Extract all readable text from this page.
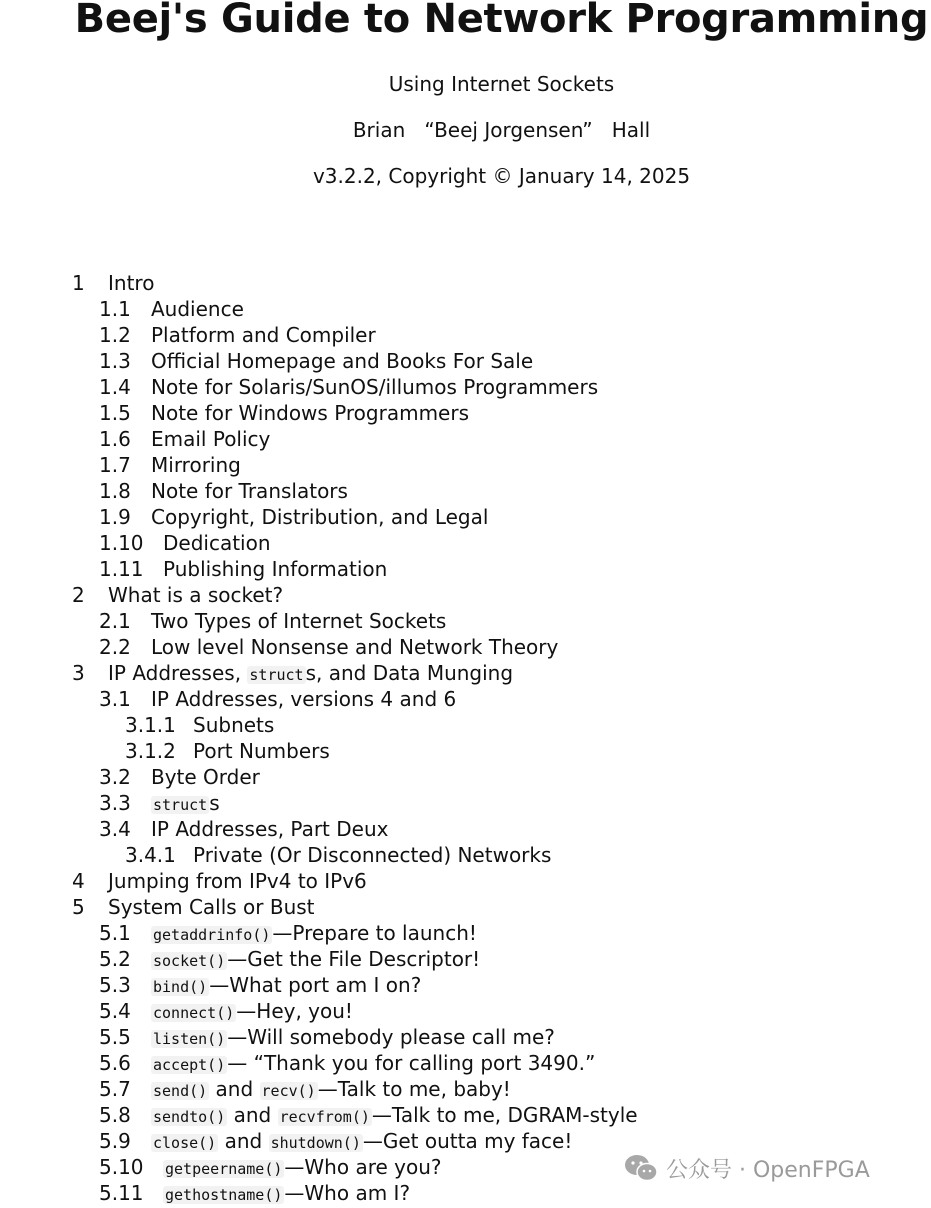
Beej's Guide to Network Programming
Using Internet Sockets
Brian   “Beej Jorgensen”   Hall
v3.2.2, Copyright © January 14, 2025
1 Intro
1.1 Audience
1.2 Platform and Compiler
1.3 Official Homepage and Books For Sale
1.4 Note for Solaris/SunOS/illumos Programmers
1.5 Note for Windows Programmers
1.6 Email Policy
1.7 Mirroring
1.8 Note for Translators
1.9 Copyright, Distribution, and Legal
1.10 Dedication
1.11 Publishing Information
2 What is a socket?
2.1 Two Types of Internet Sockets
2.2 Low level Nonsense and Network Theory
3 IP Addresses, struct s, and Data Munging
3.1 IP Addresses, versions 4 and 6
3.1.1 Subnets
3.1.2 Port Numbers
3.2 Byte Order
3.3 struct s
3.4 IP Addresses, Part Deux
3.4.1 Private (Or Disconnected) Networks
4 Jumping from IPv4 to IPv6
5 System Calls or Bust
5.1 getaddrinfo() —Prepare to launch!
5.2 socket() —Get the File Descriptor!
5.3 bind() —What port am I on?
5.4 connect() —Hey, you!
5.5 listen() —Will somebody please call me?
5.6 accept() — “Thank you for calling port 3490.”
5.7 send() and recv() —Talk to me, baby!
5.8 sendto() and recvfrom() —Talk to me, DGRAM-style
5.9 close() and shutdown() —Get outta my face!
5.10 getpeername() —Who are you?
5.11 gethostname() —Who am I?
公众号 · OpenFPGA
